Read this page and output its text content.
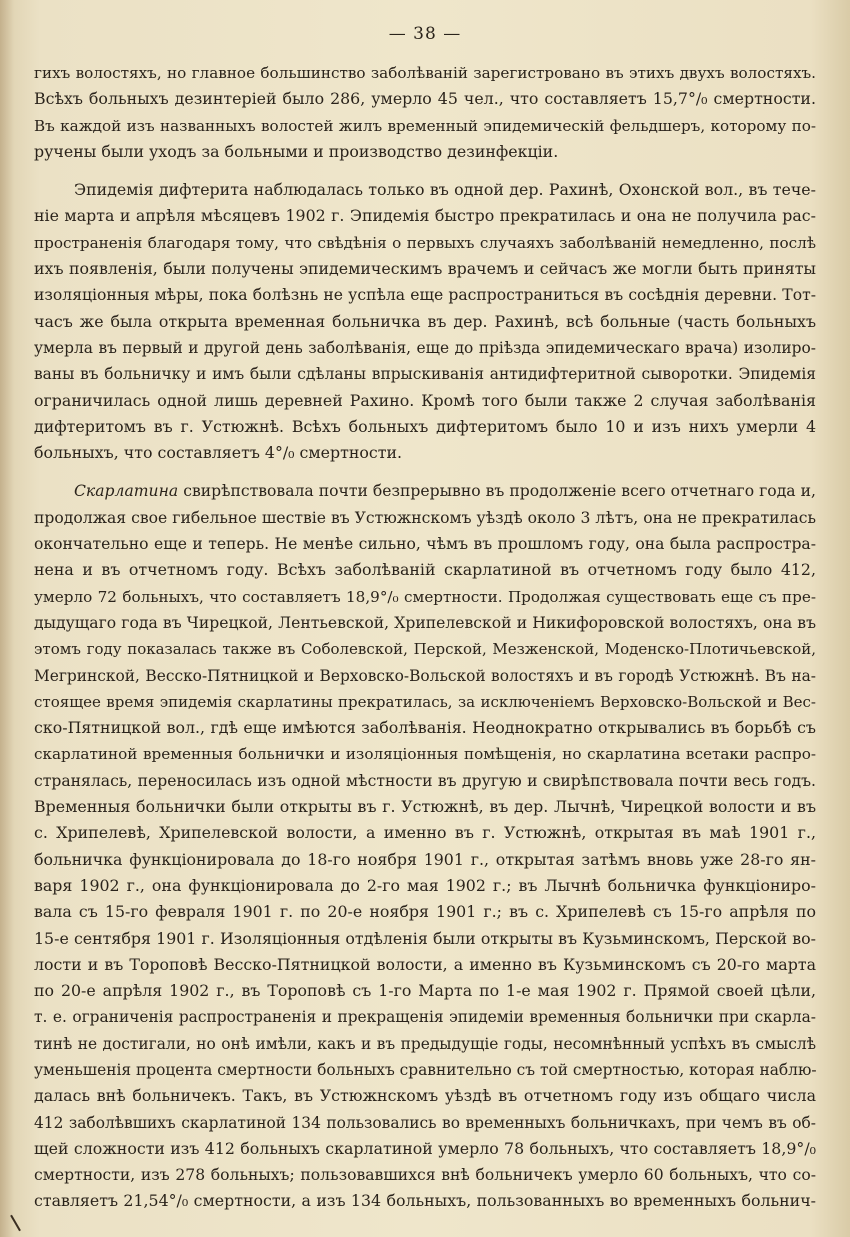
— 38 —

гихъ волостяхъ, но главное большинство заболѣваній зарегистровано въ этихъ двухъ волостяхъ.
Всѣхъ больныхъ дезинтеріей было 286, умерло 45 чел., что составляетъ 15,7°/₀ смертности.
Въ каждой изъ названныхъ волостей жилъ временный эпидемическій фельдшеръ, которому по-
ручены были уходъ за больными и производство дезинфекціи.

Эпидемія дифтерита наблюдалась только въ одной дер. Рахинѣ, Охонской вол., въ тече-
ніе марта и апрѣля мѣсяцевъ 1902 г. Эпидемія быстро прекратилась и она не получила рас-
пространенія благодаря тому, что свѣдѣнія о первыхъ случаяхъ заболѣваній немедленно, послѣ
ихъ появленія, были получены эпидемическимъ врачемъ и сейчасъ же могли быть приняты
изоляціонныя мѣры, пока болѣзнь не успѣла еще распространиться въ сосѣднія деревни. Тот-
часъ же была открыта временная больничка въ дер. Рахинѣ, всѣ больные (часть больныхъ
умерла въ первый и другой день заболѣванія, еще до пріѣзда эпидемическаго врача) изолиро-
ваны въ больничку и имъ были сдѣланы впрыскиванія антидифтеритной сыворотки. Эпидемія
ограничилась одной лишь деревней Рахино. Кромѣ того были также 2 случая заболѣванія
дифтеритомъ въ г. Устюжнѣ. Всѣхъ больныхъ дифтеритомъ было 10 и изъ нихъ умерли 4
больныхъ, что составляетъ 4°/₀ смертности.

Скарлатина свирѣпствовала почти безпрерывно въ продолженіе всего отчетнаго года и,
продолжая свое гибельное шествіе въ Устюжнскомъ уѣздѣ около 3 лѣтъ, она не прекратилась
окончательно еще и теперь. Не менѣе сильно, чѣмъ въ прошломъ году, она была распростра-
нена и въ отчетномъ году. Всѣхъ заболѣваній скарлатиной въ отчетномъ году было 412,
умерло 72 больныхъ, что составляетъ 18,9°/₀ смертности. Продолжая существовать еще съ пре-
дыдущаго года въ Чирецкой, Лентьевской, Хрипелевской и Никифоровской волостяхъ, она въ
этомъ году показалась также въ Соболевской, Перской, Мезженской, Моденско-Плотичьевской,
Мегринской, Весско-Пятницкой и Верховско-Вольской волостяхъ и въ городѣ Устюжнѣ. Въ на-
стоящее время эпидемія скарлатины прекратилась, за исключеніемъ Верховско-Вольской и Вес-
ско-Пятницкой вол., гдѣ еще имѣются заболѣванія. Неоднократно открывались въ борьбѣ съ
скарлатиной временныя больнички и изоляціонныя помѣщенія, но скарлатина всетаки распро-
странялась, переносилась изъ одной мѣстности въ другую и свирѣпствовала почти весь годъ.
Временныя больнички были открыты въ г. Устюжнѣ, въ дер. Лычнѣ, Чирецкой волости и въ
с. Хрипелевѣ, Хрипелевской волости, а именно въ г. Устюжнѣ, открытая въ маѣ 1901 г.,
больничка функціонировала до 18-го ноября 1901 г., открытая затѣмъ вновь уже 28-го ян-
варя 1902 г., она функціонировала до 2-го мая 1902 г.; въ Лычнѣ больничка функціониро-
вала съ 15-го февраля 1901 г. по 20-е ноября 1901 г.; въ с. Хрипелевѣ съ 15-го апрѣля по
15-е сентября 1901 г. Изоляціонныя отдѣленія были открыты въ Кузьминскомъ, Перской во-
лости и въ Тороповѣ Весско-Пятницкой волости, а именно въ Кузьминскомъ съ 20-го марта
по 20-е апрѣля 1902 г., въ Тороповѣ съ 1-го Марта по 1-е мая 1902 г. Прямой своей цѣли,
т. е. ограниченія распространенія и прекращенія эпидеміи временныя больнички при скарла-
тинѣ не достигали, но онѣ имѣли, какъ и въ предыдущіе годы, несомнѣнный успѣхъ въ смыслѣ
уменьшенія процента смертности больныхъ сравнительно съ той смертностью, которая наблю-
далась внѣ больничекъ. Такъ, въ Устюжнскомъ уѣздѣ въ отчетномъ году изъ общаго числа
412 заболѣвшихъ скарлатиной 134 пользовались во временныхъ больничкахъ, при чемъ въ об-
щей сложности изъ 412 больныхъ скарлатиной умерло 78 больныхъ, что составляетъ 18,9°/₀
смертности, изъ 278 больныхъ; пользовавшихся внѣ больничекъ умерло 60 больныхъ, что со-
ставляетъ 21,54°/₀ смертности, а изъ 134 больныхъ, пользованныхъ во временныхъ больнич-
